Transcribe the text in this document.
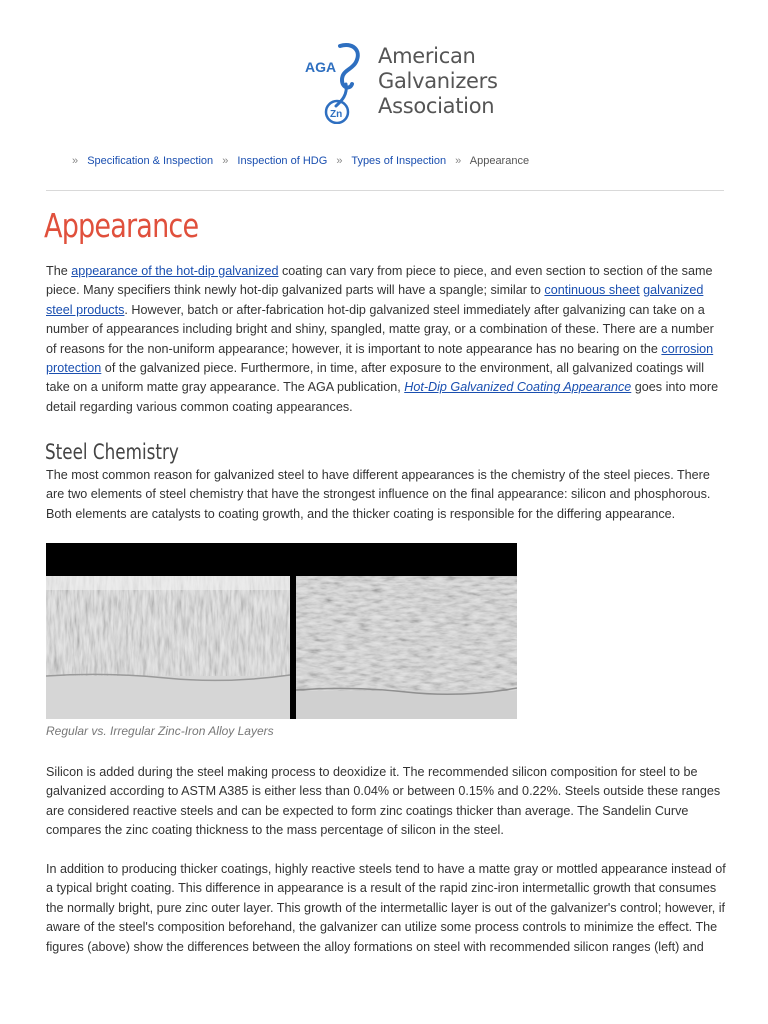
AGA
Zn
American
Galvanizers
Association
» Specification & Inspection » Inspection of HDG » Types of Inspection » Appearance
Appearance

The appearance of the hot-dip galvanized coating can vary from piece to piece, and even section to section of the same piece. Many specifiers think newly hot-dip galvanized parts will have a spangle; similar to continuous sheet galvanized steel products. However, batch or after-fabrication hot-dip galvanized steel immediately after galvanizing can take on a number of appearances including bright and shiny, spangled, matte gray, or a combination of these. There are a number of reasons for the non-uniform appearance; however, it is important to note appearance has no bearing on the corrosion protection of the galvanized piece. Furthermore, in time, after exposure to the environment, all galvanized coatings will take on a uniform matte gray appearance. The AGA publication, Hot-Dip Galvanized Coating Appearance goes into more detail regarding various common coating appearances.

Steel Chemistry

The most common reason for galvanized steel to have different appearances is the chemistry of the steel pieces. There are two elements of steel chemistry that have the strongest influence on the final appearance: silicon and phosphorous. Both elements are catalysts to coating growth, and the thicker coating is responsible for the differing appearance.

Regular vs. Irregular Zinc-Iron Alloy Layers

Silicon is added during the steel making process to deoxidize it. The recommended silicon composition for steel to be galvanized according to ASTM A385 is either less than 0.04% or between 0.15% and 0.22%. Steels outside these ranges are considered reactive steels and can be expected to form zinc coatings thicker than average. The Sandelin Curve compares the zinc coating thickness to the mass percentage of silicon in the steel.

In addition to producing thicker coatings, highly reactive steels tend to have a matte gray or mottled appearance instead of a typical bright coating. This difference in appearance is a result of the rapid zinc-iron intermetallic growth that consumes the normally bright, pure zinc outer layer. This growth of the intermetallic layer is out of the galvanizer's control; however, if aware of the steel's composition beforehand, the galvanizer can utilize some process controls to minimize the effect. The figures (above) show the differences between the alloy formations on steel with recommended silicon ranges (left) and
